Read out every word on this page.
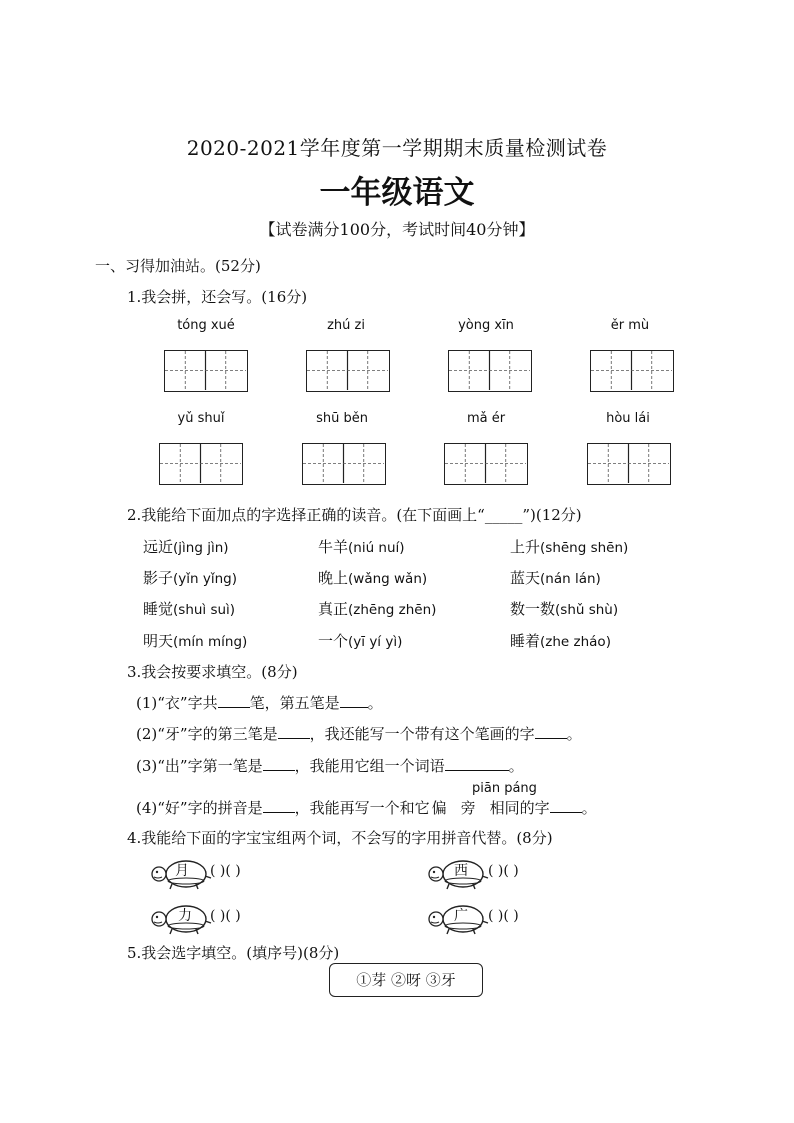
2020-2021学年度第一学期期末质量检测试卷
一年级语文
【试卷满分100分，考试时间40分钟】
一、习得加油站。(52分)
1.我会拼，还会写。(16分)
tóng xué	zhú zi	yòng xīn	ěr mù
yǔ shuǐ	shū běn	mǎ ér	hòu lái
2.我能给下面加点的字选择正确的读音。(在下面画上“_____”)(12分)
远近(jìng jìn)	牛羊(niú nuí)	上升(shēng shēn)
影子(yǐn yǐng)	晚上(wǎng wǎn)	蓝天(nán lán)
睡觉(shuì suì)	真正(zhēng zhēn)	数一数(shǔ shù)
明天(mín míng)	一个(yī yí yì)	睡着(zhe zháo)
3.我会按要求填空。(8分)
(1)“衣”字共 笔，第五笔是 。
(2)“牙”字的第三笔是 ，我还能写一个带有这个笔画的字 。
(3)“出”字第一笔是 ，我能用它组一个词语	。
piān páng
(4)“好”字的拼音是 ，我能再写一个和它 偏 旁 相同的字 。
4.我能给下面的字宝宝组两个词，不会写的字用拼音代替。(8分)
月 ( )( )	西 ( )( )
力 ( )( )	广 ( )( )
5.我会选字填空。(填序号)(8分)
①芽 ②呀 ③牙
